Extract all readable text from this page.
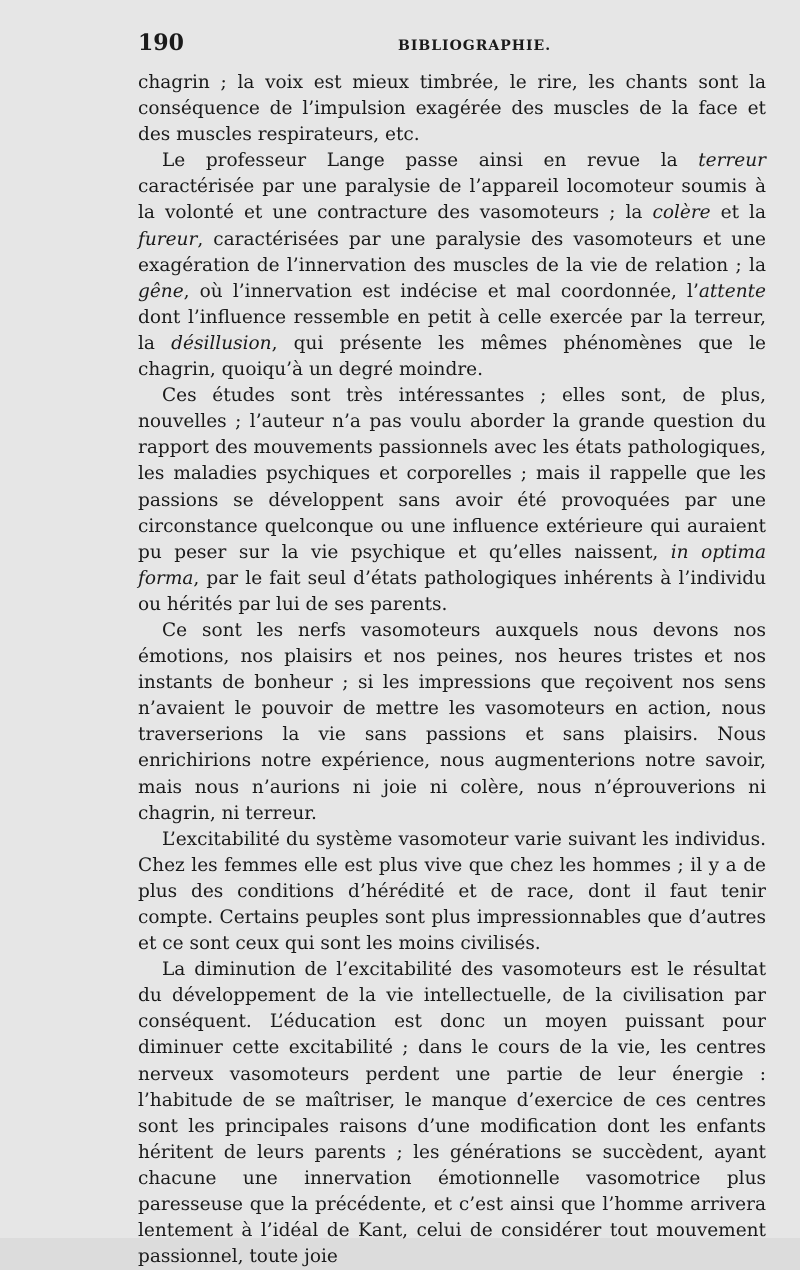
190	BIBLIOGRAPHIE.

chagrin ; la voix est mieux timbrée, le rire, les chants sont la conséquence de l’impulsion exagérée des muscles de la face et des muscles respirateurs, etc.

Le professeur Lange passe ainsi en revue la terreur caractérisée par une paralysie de l’appareil locomoteur soumis à la volonté et une contracture des vasomoteurs ; la colère et la fureur, caractérisées par une paralysie des vasomoteurs et une exagération de l’innervation des muscles de la vie de relation ; la gêne, où l’innervation est indécise et mal coordonnée, l’attente dont l’influence ressemble en petit à celle exercée par la terreur, la désillusion, qui présente les mêmes phénomènes que le chagrin, quoiqu’à un degré moindre.

Ces études sont très intéressantes ; elles sont, de plus, nouvelles ; l’auteur n’a pas voulu aborder la grande question du rapport des mouvements passionnels avec les états pathologiques, les maladies psychiques et corporelles ; mais il rappelle que les passions se développent sans avoir été provoquées par une circonstance quelconque ou une influence extérieure qui auraient pu peser sur la vie psychique et qu’elles naissent, in optima forma, par le fait seul d’états pathologiques inhérents à l’individu ou hérités par lui de ses parents.

Ce sont les nerfs vasomoteurs auxquels nous devons nos émotions, nos plaisirs et nos peines, nos heures tristes et nos instants de bonheur ; si les impressions que reçoivent nos sens n’avaient le pouvoir de mettre les vasomoteurs en action, nous traverserions la vie sans passions et sans plaisirs. Nous enrichirions notre expérience, nous augmenterions notre savoir, mais nous n’aurions ni joie ni colère, nous n’éprouverions ni chagrin, ni terreur.

L’excitabilité du système vasomoteur varie suivant les individus. Chez les femmes elle est plus vive que chez les hommes ; il y a de plus des conditions d’hérédité et de race, dont il faut tenir compte. Certains peuples sont plus impressionnables que d’autres et ce sont ceux qui sont les moins civilisés.

La diminution de l’excitabilité des vasomoteurs est le résultat du développement de la vie intellectuelle, de la civilisation par conséquent. L’éducation est donc un moyen puissant pour diminuer cette excitabilité ; dans le cours de la vie, les centres nerveux vasomoteurs perdent une partie de leur énergie : l’habitude de se maîtriser, le manque d’exercice de ces centres sont les principales raisons d’une modification dont les enfants héritent de leurs parents ; les générations se succèdent, ayant chacune une innervation émotionnelle vasomotrice plus paresseuse que la précédente, et c’est ainsi que l’homme arrivera lentement à l’idéal de Kant, celui de considérer tout mouvement passionnel, toute joie
